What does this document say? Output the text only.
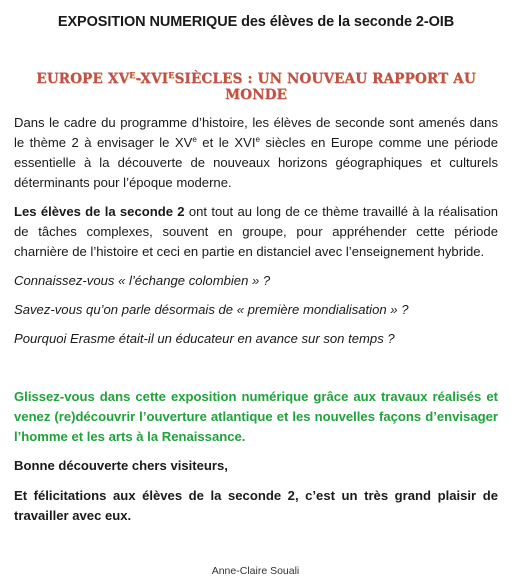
EXPOSITION NUMERIQUE des élèves de la seconde 2-OIB
EUROPE $XV^E-XVI^ESIÈCLES$ : UN NOUVEAU RAPPORT AU MONDE

Dans le cadre du programme d’histoire, les élèves de seconde sont amenés dans le thème 2 à envisager le XVe et le XVIe siècles en Europe comme une période essentielle à la découverte de nouveaux horizons géographiques et culturels déterminants pour l’époque moderne.

Les élèves de la seconde 2 ont tout au long de ce thème travaillé à la réalisation de tâches complexes, souvent en groupe, pour appréhender cette période charnière de l’histoire et ceci en partie en distanciel avec l’enseignement hybride.

Connaissez-vous « l’échange colombien » ?

Savez-vous qu’on parle désormais de « première mondialisation » ?

Pourquoi Erasme était-il un éducateur en avance sur son temps ?

Glissez-vous dans cette exposition numérique grâce aux travaux réalisés et venez (re)découvrir l’ouverture atlantique et les nouvelles façons d’envisager l’homme et les arts à la Renaissance.

Bonne découverte chers visiteurs,

Et félicitations aux élèves de la seconde 2, c’est un très grand plaisir de travailler avec eux.

Anne-Claire Souali
